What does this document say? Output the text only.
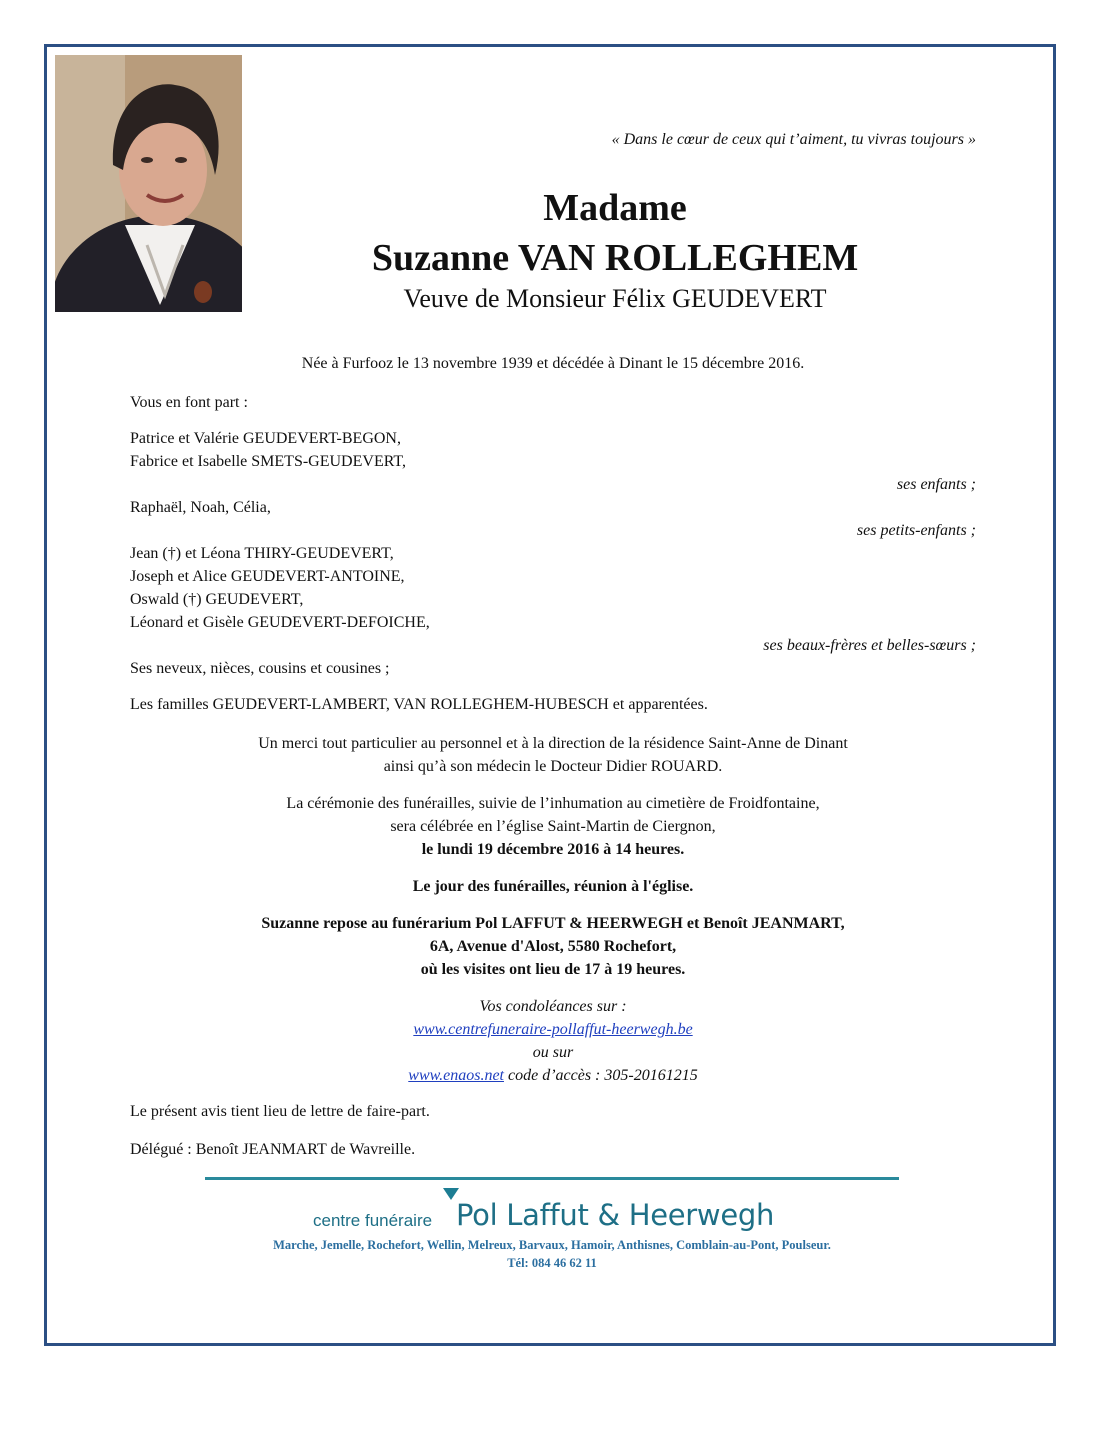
« Dans le cœur de ceux qui t’aiment, tu vivras toujours »
Madame
Suzanne VAN ROLLEGHEM
Veuve de Monsieur Félix GEUDEVERT
Née à Furfooz le 13 novembre 1939 et décédée à Dinant le 15 décembre 2016.
Vous en font part :
Patrice et Valérie GEUDEVERT-BEGON,
Fabrice et Isabelle SMETS-GEUDEVERT,
ses enfants ;
Raphaël, Noah, Célia,
ses petits-enfants ;
Jean (†) et Léona THIRY-GEUDEVERT,
Joseph et Alice GEUDEVERT-ANTOINE,
Oswald (†) GEUDEVERT,
Léonard et Gisèle GEUDEVERT-DEFOICHE,
ses beaux-frères et belles-sœurs ;
Ses neveux, nièces, cousins et cousines ;
Les familles GEUDEVERT-LAMBERT, VAN ROLLEGHEM-HUBESCH et apparentées.
Un merci tout particulier au personnel et à la direction de la résidence Saint-Anne de Dinant
ainsi qu’à son médecin le Docteur Didier ROUARD.
La cérémonie des funérailles, suivie de l’inhumation au cimetière de Froidfontaine,
sera célébrée en l’église Saint-Martin de Ciergnon,
le lundi 19 décembre 2016 à 14 heures.
Le jour des funérailles, réunion à l'église.
Suzanne repose au funérarium Pol LAFFUT & HEERWEGH et Benoît JEANMART,
6A, Avenue d'Alost, 5580 Rochefort,
où les visites ont lieu de 17 à 19 heures.
Vos condoléances sur :
www.centrefuneraire-pollaffut-heerwegh.be
ou sur
www.enaos.net code d’accès : 305-20161215
Le présent avis tient lieu de lettre de faire-part.
Délégué : Benoît JEANMART de Wavreille.
centre funéraire Pol Laffut & Heerwegh
Marche, Jemelle, Rochefort, Wellin, Melreux, Barvaux, Hamoir, Anthisnes, Comblain-au-Pont, Poulseur.
Tél: 084 46 62 11
